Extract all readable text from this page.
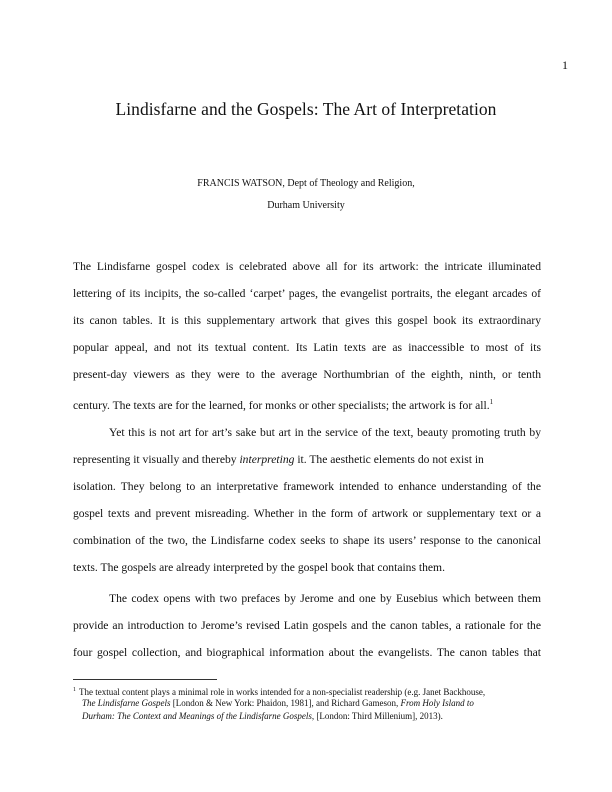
1
Lindisfarne and the Gospels: The Art of Interpretation
FRANCIS WATSON, Dept of Theology and Religion,
Durham University
The Lindisfarne gospel codex is celebrated above all for its artwork: the intricate illuminated
lettering of its incipits, the so-called ‘carpet’ pages, the evangelist portraits, the elegant arcades of
its canon tables. It is this supplementary artwork that gives this gospel book its extraordinary
popular appeal, and not its textual content. Its Latin texts are as inaccessible to most of its
present-day viewers as they were to the average Northumbrian of the eighth, ninth, or tenth
century. The texts are for the learned, for monks or other specialists; the artwork is for all.$^1$
Yet this is not art for art’s sake but art in the service of the text, beauty promoting truth by
representing it visually and thereby interpreting it. The aesthetic elements do not exist in
isolation. They belong to an interpretative framework intended to enhance understanding of the
gospel texts and prevent misreading. Whether in the form of artwork or supplementary text or a
combination of the two, the Lindisfarne codex seeks to shape its users’ response to the canonical
texts. The gospels are already interpreted by the gospel book that contains them.
The codex opens with two prefaces by Jerome and one by Eusebius which between them
provide an introduction to Jerome’s revised Latin gospels and the canon tables, a rationale for the
four gospel collection, and biographical information about the evangelists. The canon tables that
$^1$ The textual content plays a minimal role in works intended for a non-specialist readership (e.g. Janet Backhouse,
The Lindisfarne Gospels [London & New York: Phaidon, 1981], and Richard Gameson, From Holy Island to
Durham: The Context and Meanings of the Lindisfarne Gospels, [London: Third Millenium], 2013).
